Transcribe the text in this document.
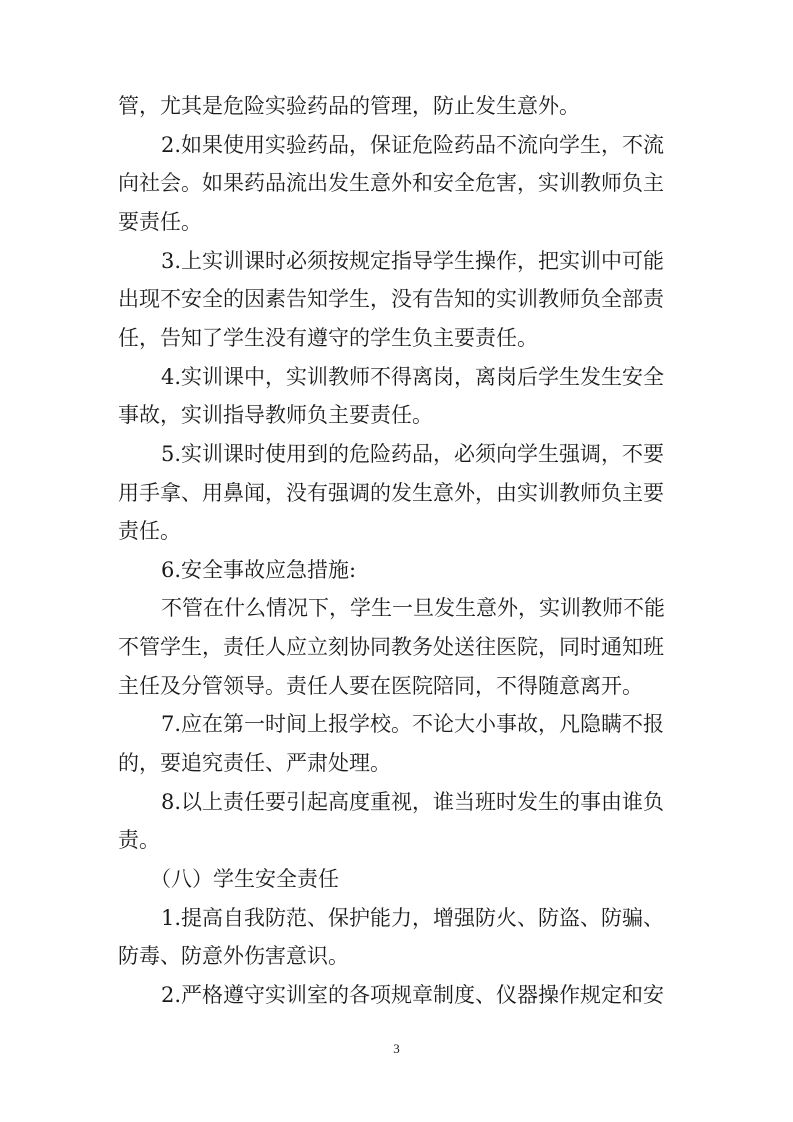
管，尤其是危险实验药品的管理，防止发生意外。
2.如果使用实验药品，保证危险药品不流向学生，不流
向社会。如果药品流出发生意外和安全危害，实训教师负主
要责任。
3.上实训课时必须按规定指导学生操作，把实训中可能
出现不安全的因素告知学生，没有告知的实训教师负全部责
任，告知了学生没有遵守的学生负主要责任。
4.实训课中，实训教师不得离岗，离岗后学生发生安全
事故，实训指导教师负主要责任。
5.实训课时使用到的危险药品，必须向学生强调，不要
用手拿、用鼻闻，没有强调的发生意外，由实训教师负主要
责任。
6.安全事故应急措施:
不管在什么情况下，学生一旦发生意外，实训教师不能
不管学生，责任人应立刻协同教务处送往医院，同时通知班
主任及分管领导。责任人要在医院陪同，不得随意离开。
7.应在第一时间上报学校。不论大小事故，凡隐瞒不报
的，要追究责任、严肃处理。
8.以上责任要引起高度重视，谁当班时发生的事由谁负
责。
（八）学生安全责任
1.提高自我防范、保护能力，增强防火、防盗、防骗、
防毒、防意外伤害意识。
2.严格遵守实训室的各项规章制度、仪器操作规定和安
3
